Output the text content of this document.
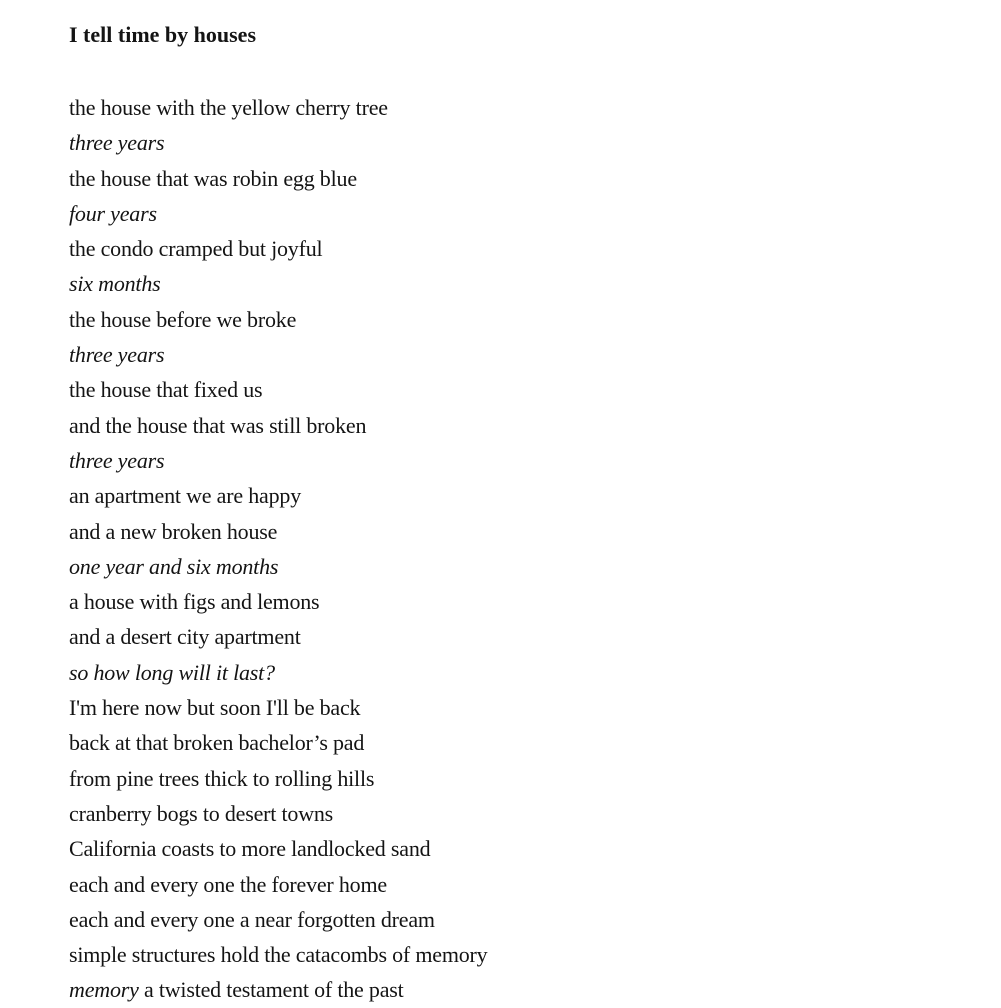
I tell time by houses
the house with the yellow cherry tree
three years
the house that was robin egg blue
four years
the condo cramped but joyful
six months
the house before we broke
three years
the house that fixed us
and the house that was still broken
three years
an apartment we are happy
and a new broken house
one year and six months
a house with figs and lemons
and a desert city apartment
so how long will it last?
I'm here now but soon I'll be back
back at that broken bachelor’s pad
from pine trees thick to rolling hills
cranberry bogs to desert towns
California coasts to more landlocked sand
each and every one the forever home
each and every one a near forgotten dream
simple structures hold the catacombs of memory
memory a twisted testament of the past
